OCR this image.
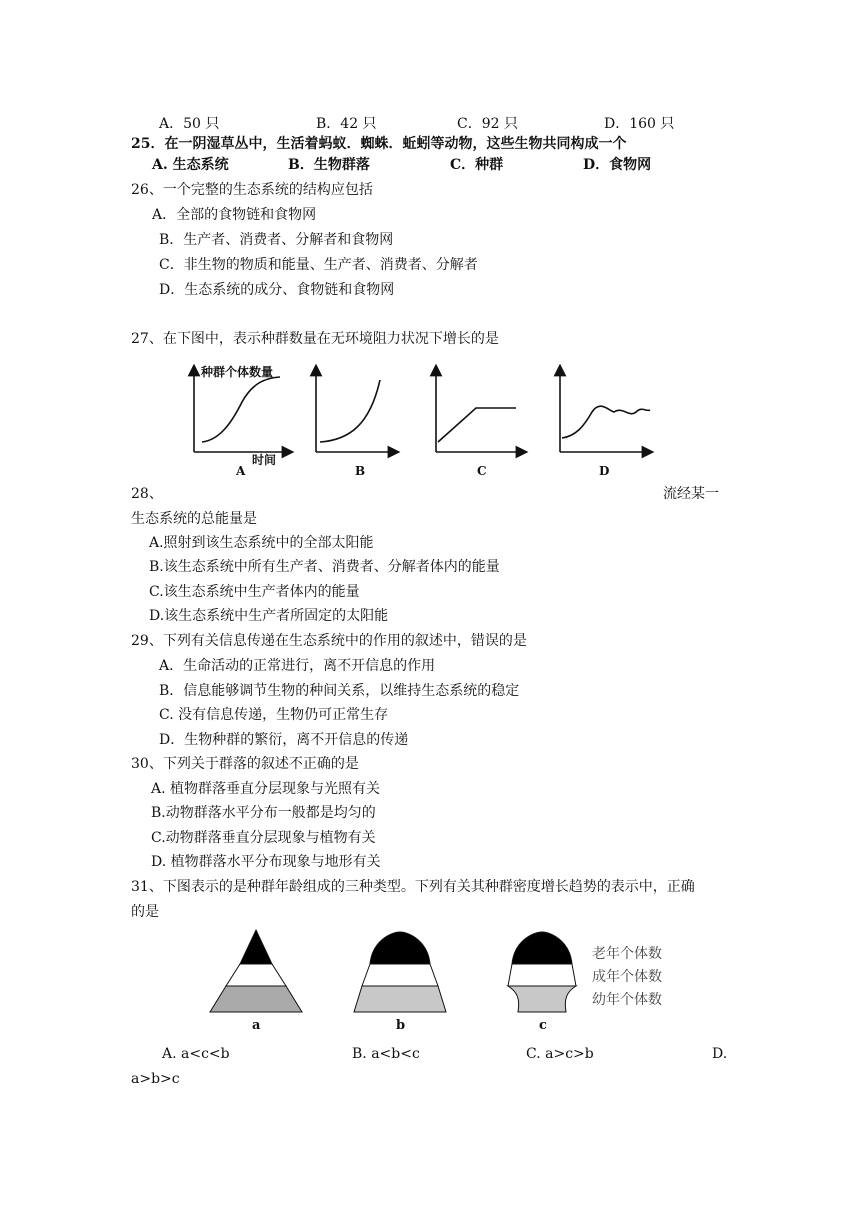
A．50 只	B．42 只	C．92 只	D．160 只
25．在一阴湿草丛中，生活着蚂蚁．蜘蛛．蚯蚓等动物，这些生物共同构成一个
A. 生态系统	B．生物群落	C．种群	D．食物网
26、一个完整的生态系统的结构应包括
A．全部的食物链和食物网
B．生产者、消费者、分解者和食物网
C．非生物的物质和能量、生产者、消费者、分解者
D．生态系统的成分、食物链和食物网
27、在下图中，表示种群数量在无环境阻力状况下增长的是
种群个体数量
时间
A	B	C	D
28、	流经某一
生态系统的总能量是
A.照射到该生态系统中的全部太阳能
B.该生态系统中所有生产者、消费者、分解者体内的能量
C.该生态系统中生产者体内的能量
D.该生态系统中生产者所固定的太阳能
29、下列有关信息传递在生态系统中的作用的叙述中，错误的是
A．生命活动的正常进行，离不开信息的作用
B．信息能够调节生物的种间关系，以维持生态系统的稳定
C. 没有信息传递，生物仍可正常生存
D．生物种群的繁衍，离不开信息的传递
30、下列关于群落的叙述不正确的是
A. 植物群落垂直分层现象与光照有关
B.动物群落水平分布一般都是均匀的
C.动物群落垂直分层现象与植物有关
D. 植物群落水平分布现象与地形有关
31、下图表示的是种群年龄组成的三种类型。下列有关其种群密度增长趋势的表示中，正确
的是
a	b	c
老年个体数
成年个体数
幼年个体数
A. a<c<b	B. a<b<c	C. a>c>b	D.
a>b>c
